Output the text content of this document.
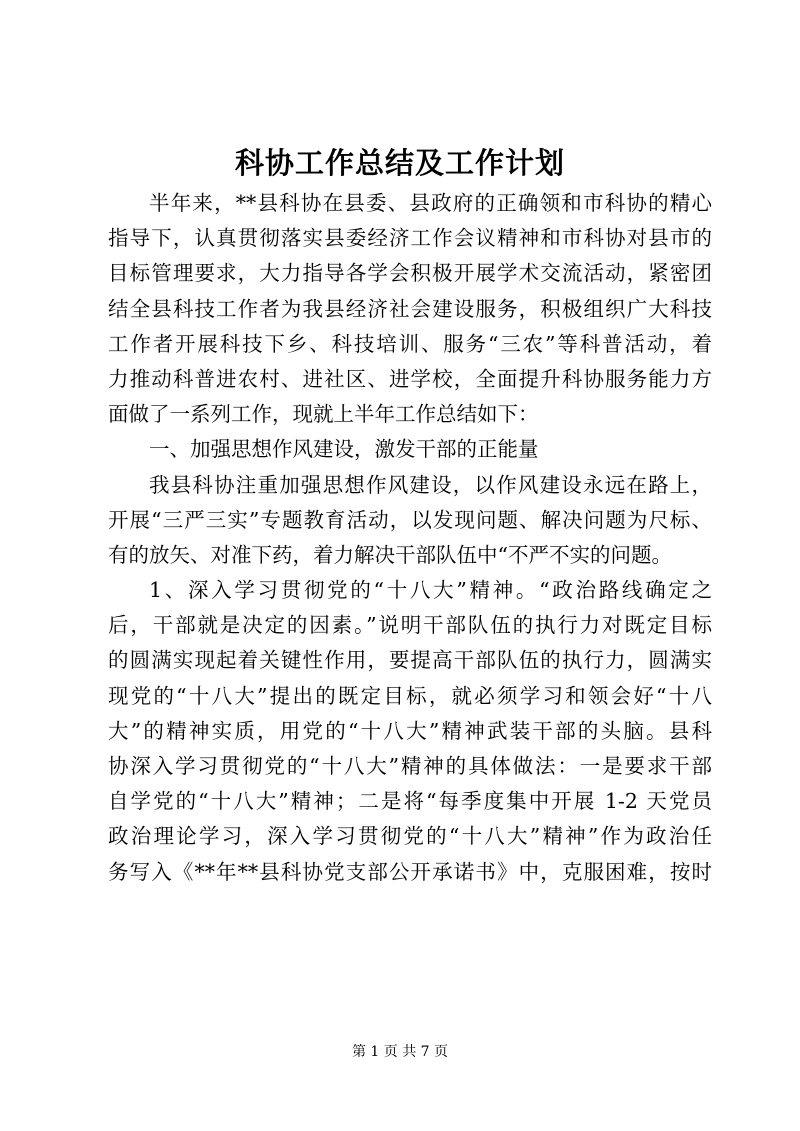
科协工作总结及工作计划
半年来，**县科协在县委、县政府的正确领和市科协的精心
指导下，认真贯彻落实县委经济工作会议精神和市科协对县市的
目标管理要求，大力指导各学会积极开展学术交流活动，紧密团
结全县科技工作者为我县经济社会建设服务，积极组织广大科技
工作者开展科技下乡、科技培训、服务“三农”等科普活动，着
力推动科普进农村、进社区、进学校，全面提升科协服务能力方
面做了一系列工作，现就上半年工作总结如下：
一、加强思想作风建设，激发干部的正能量
我县科协注重加强思想作风建设，以作风建设永远在路上，
开展“三严三实”专题教育活动，以发现问题、解决问题为尺标、
有的放矢、对准下药，着力解决干部队伍中“不严不实的问题。
1、深入学习贯彻党的“十八大”精神。“政治路线确定之
后，干部就是决定的因素。”说明干部队伍的执行力对既定目标
的圆满实现起着关键性作用，要提高干部队伍的执行力，圆满实
现党的“十八大”提出的既定目标，就必须学习和领会好“十八
大”的精神实质，用党的“十八大”精神武装干部的头脑。县科
协深入学习贯彻党的“十八大”精神的具体做法：一是要求干部
自学党的“十八大”精神；二是将“每季度集中开展 1-2 天党员
政治理论学习，深入学习贯彻党的“十八大”精神”作为政治任
务写入《**年**县科协党支部公开承诺书》中，克服困难，按时
第 1 页 共 7 页
